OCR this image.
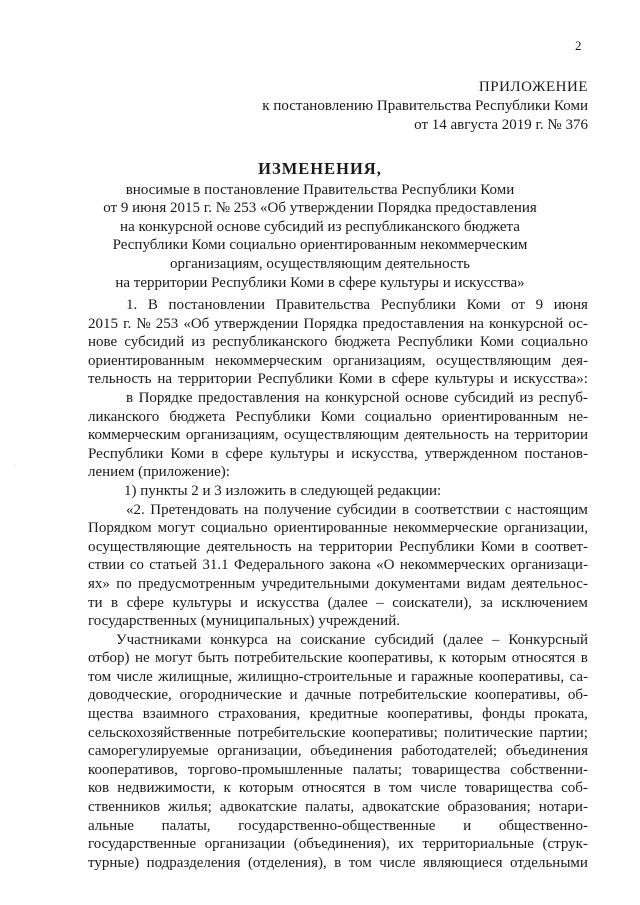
2
ПРИЛОЖЕНИЕ
к постановлению Правительства Республики Коми
от 14 августа 2019 г. № 376
ИЗМЕНЕНИЯ,
вносимые в постановление Правительства Республики Коми
от 9 июня 2015 г. № 253 «Об утверждении Порядка предоставления
на конкурсной основе субсидий из республиканского бюджета
Республики Коми социально ориентированным некоммерческим
организациям, осуществляющим деятельность
на территории Республики Коми в сфере культуры и искусства»
1. В постановлении Правительства Республики Коми от 9 июня
2015 г. № 253 «Об утверждении Порядка предоставления на конкурсной ос-
нове субсидий из республиканского бюджета Республики Коми социально
ориентированным некоммерческим организациям, осуществляющим дея-
тельность на территории Республики Коми в сфере культуры и искусства»:
в Порядке предоставления на конкурсной основе субсидий из респуб-
ликанского бюджета Республики Коми социально ориентированным не-
коммерческим организациям, осуществляющим деятельность на территории
Республики Коми в сфере культуры и искусства, утвержденном постанов-
лением (приложение):
1) пункты 2 и 3 изложить в следующей редакции:
«2. Претендовать на получение субсидии в соответствии с настоящим
Порядком могут социально ориентированные некоммерческие организации,
осуществляющие деятельность на территории Республики Коми в соответ-
ствии со статьей 31.1 Федерального закона «О некоммерческих организаци-
ях» по предусмотренным учредительными документами видам деятельнос-
ти в сфере культуры и искусства (далее – соискатели), за исключением
государственных (муниципальных) учреждений.
Участниками конкурса на соискание субсидий (далее – Конкурсный
отбор) не могут быть потребительские кооперативы, к которым относятся в
том числе жилищные, жилищно-строительные и гаражные кооперативы, са-
доводческие, огороднические и дачные потребительские кооперативы, об-
щества взаимного страхования, кредитные кооперативы, фонды проката,
сельскохозяйственные потребительские кооперативы; политические партии;
саморегулируемые организации, объединения работодателей; объединения
кооперативов, торгово-промышленные палаты; товарищества собственни-
ков недвижимости, к которым относятся в том числе товарищества соб-
ственников жилья; адвокатские палаты, адвокатские образования; нотари-
альные палаты, государственно-общественные и общественно-
государственные организации (объединения), их территориальные (струк-
турные) подразделения (отделения), в том числе являющиеся отдельными
·
